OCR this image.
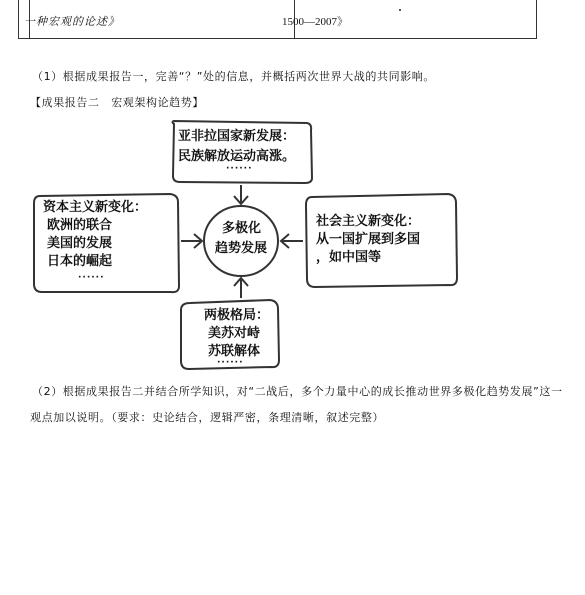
一种宏观的论述》	1500—2007》
（1）根据成果报告一，完善“？”处的信息，并概括两次世界大战的共同影响。
【成果报告二　宏观架构论趋势】
多极化
趋势发展
亚非拉国家新发展：
民族解放运动高涨。
······
资本主义新变化：
欧洲的联合
美国的发展
日本的崛起
······
社会主义新变化：
从一国扩展到多国
，如中国等
两极格局：
美苏对峙
苏联解体
······
（2）根据成果报告二并结合所学知识，对“二战后，多个力量中心的成长推动世界多极化趋势发展”这一
观点加以说明。（要求：史论结合，逻辑严密，条理清晰，叙述完整）
